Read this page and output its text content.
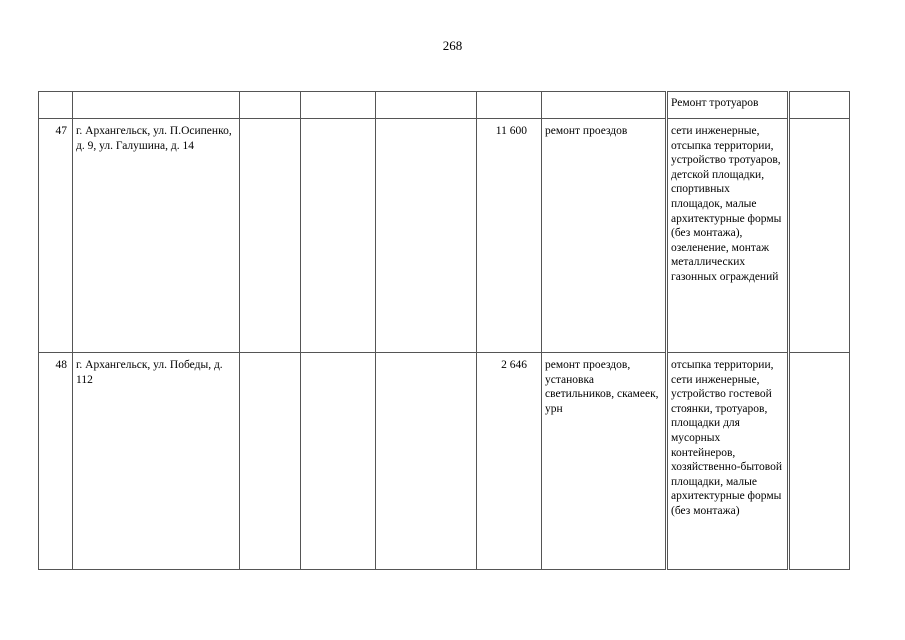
268
							Ремонт тротуаров	
47	г. Архангельск, ул. П.Осипенко, д. 9, ул. Галушина, д. 14				11 600	ремонт проездов	сети инженерные, отсыпка территории, устройство тротуаров, детской площадки, спортивных площадок, малые архитектурные формы (без монтажа), озеленение, монтаж металлических газонных ограждений	
48	г. Архангельск, ул. Победы, д. 112				2 646	ремонт проездов, установка светильников, скамеек, урн	отсыпка территории, сети инженерные, устройство гостевой стоянки, тротуаров, площадки для мусорных контейнеров, хозяйственно-бытовой площадки, малые архитектурные формы (без монтажа)	
